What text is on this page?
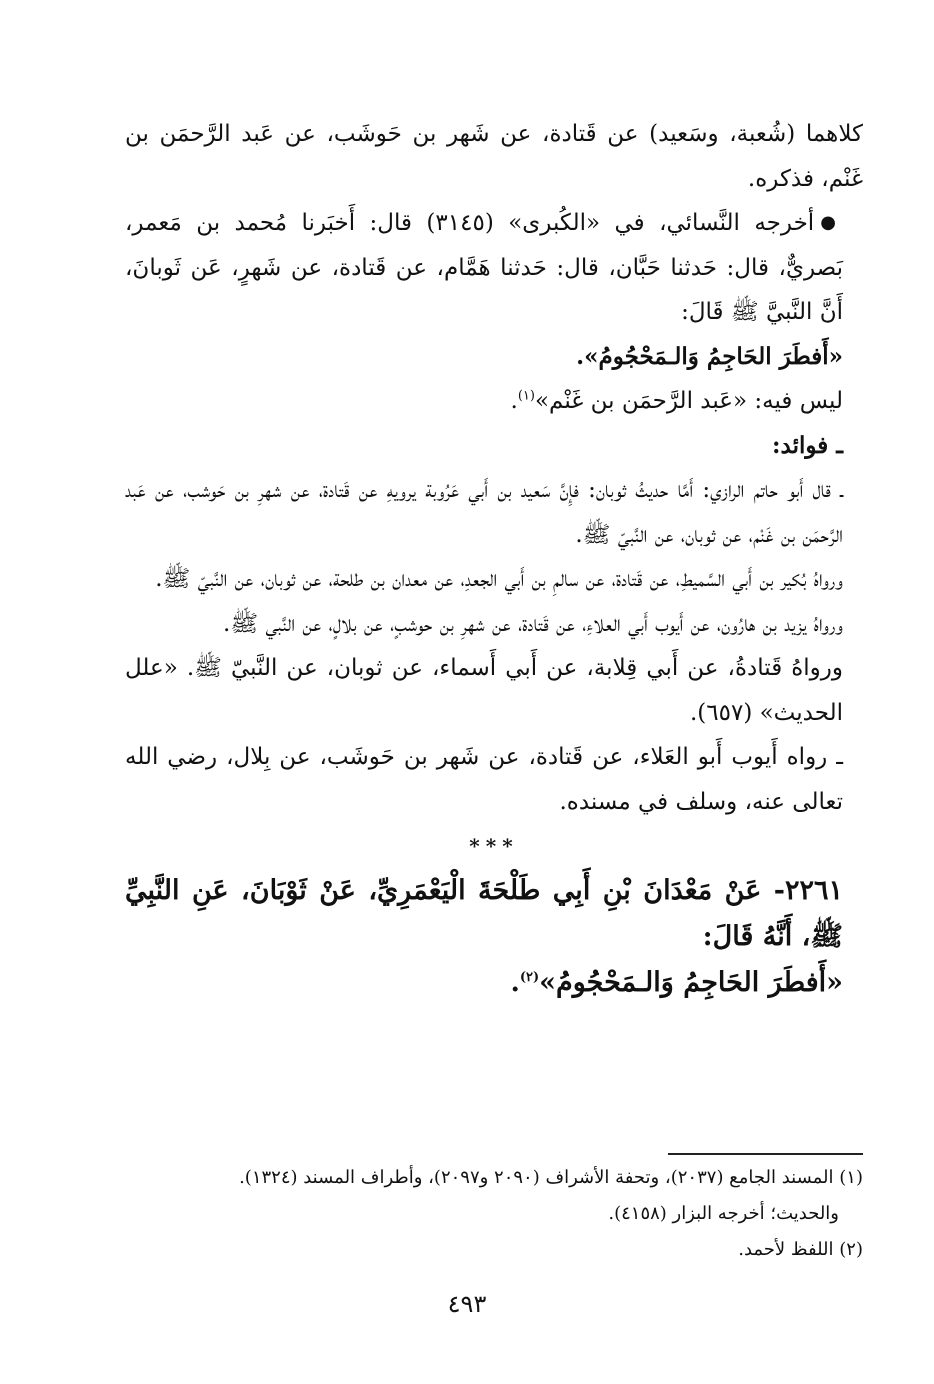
كلاهما (شُعبة، وسَعيد) عن قَتادة، عن شَهر بن حَوشَب، عن عَبد الرَّحمَن بن غَنْم، فذكره.

●أخرجه النَّسائي، في «الكُبرى» (٣١٤٥) قال: أَخبَرنا مُحمد بن مَعمر، بَصريٌّ، قال: حَدثنا حَبَّان، قال: حَدثنا هَمَّام، عن قَتادة، عن شَهرٍ، عَن ثَوبانَ، أَنَّ النَّبيَّ ﷺ قَالَ:

«أَفطَرَ الحَاجِمُ وَالـمَحْجُومُ».

ليس فيه: «عَبد الرَّحمَن بن غَنْم»$^{(١)}$.

ـ فوائد:

ـ قال أَبو حاتم الرازي: أَمَّا حديثُ ثوبان: فإِنَّ سَعيد بن أَبي عَرُوبة يرويهِ عن قَتادة، عن شهرِ بن حَوشب، عن عَبد الرَّحمَن بن غَنْم، عن ثوبان، عن النَّبيّ ﷺ.

ورواهُ بُكير بن أَبي السَّميطِ، عن قَتادة، عن سالمِ بن أَبي الجعدِ، عن معدان بن طلحة، عن ثوبان، عن النَّبيّ ﷺ.

ورواهُ يزيد بن هارُون، عن أَيوب أَبي العلاءِ، عن قَتادة، عن شهرِ بن حوشبٍ، عن بلالٍ، عن النَّبي ﷺ.

ورواهُ قَتادةُ، عن أَبي قِلابة، عن أَبي أَسماء، عن ثوبان، عن النَّبيّ ﷺ. «علل الحديث» (٦٥٧).

ـ رواه أَيوب أَبو العَلاء، عن قَتادة، عن شَهر بن حَوشَب، عن بِلال، رضي الله تعالى عنه، وسلف في مسنده.

***

٢٢٦١- عَنْ مَعْدَانَ بْنِ أَبِي طَلْحَةَ الْيَعْمَرِيِّ، عَنْ ثَوْبَانَ، عَنِ النَّبِيِّ ﷺ، أَنَّهُ قَالَ:

«أَفطَرَ الحَاجِمُ وَالـمَحْجُومُ»$^{(٢)}$.

(١) المسند الجامع (٢٠٣٧)، وتحفة الأشراف (٢٠٩٠ و٢٠٩٧)، وأطراف المسند (١٣٢٤).

والحديث؛ أخرجه البزار (٤١٥٨).

(٢) اللفظ لأحمد.

٤٩٣
